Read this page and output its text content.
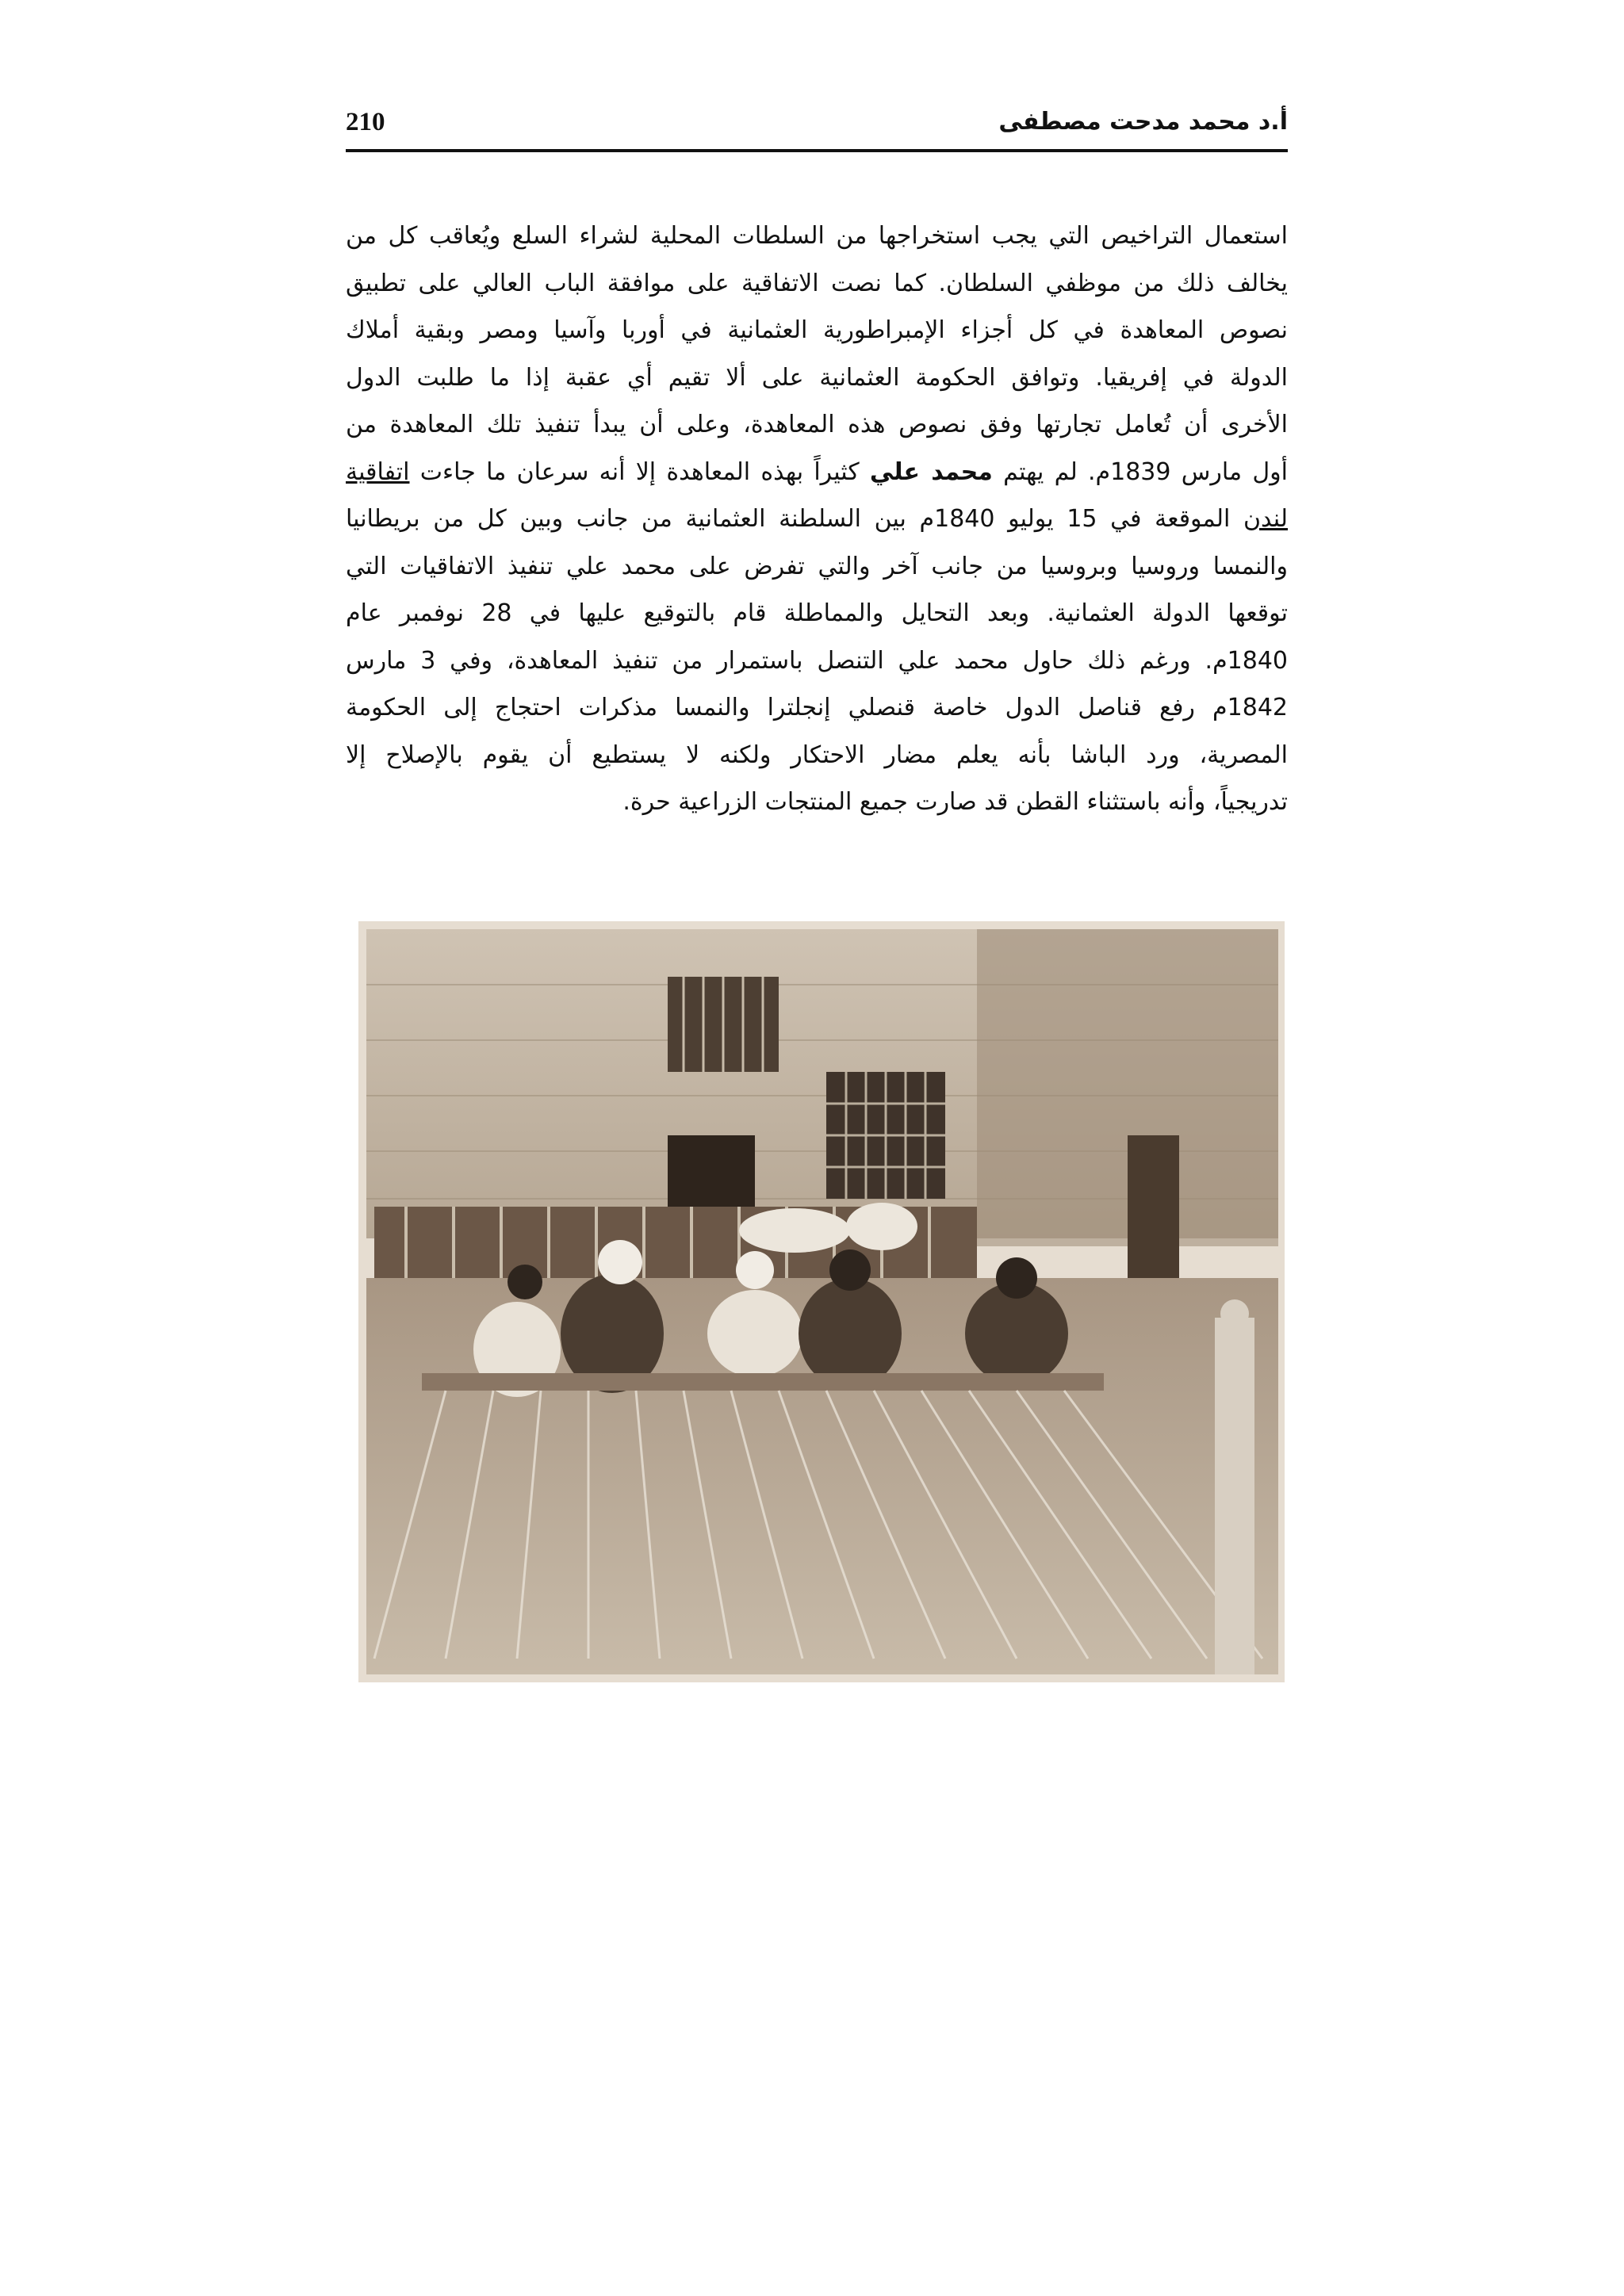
210	أ.د محمد مدحت مصطفى
استعمال التراخيص التي يجب استخراجها من السلطات المحلية لشراء السلع ويُعاقب كل من
يخالف ذلك من موظفي السلطان. كما نصت الاتفاقية على موافقة الباب العالي على تطبيق
نصوص المعاهدة في كل أجزاء الإمبراطورية العثمانية في أوربا وآسيا ومصر وبقية أملاك
الدولة في إفريقيا. وتوافق الحكومة العثمانية على ألا تقيم أي عقبة إذا ما طلبت الدول
الأخرى أن تُعامل تجارتها وفق نصوص هذه المعاهدة، وعلى أن يبدأ تنفيذ تلك المعاهدة من
أول مارس 1839م. لم يهتم محمد علي كثيراً بهذه المعاهدة إلا أنه سرعان ما جاءت اتفاقية
لندن الموقعة في 15 يوليو 1840م بين السلطنة العثمانية من جانب وبين كل من بريطانيا
والنمسا وروسيا وبروسيا من جانب آخر والتي تفرض على محمد علي تنفيذ الاتفاقيات التي
توقعها الدولة العثمانية. وبعد التحايل والمماطلة قام بالتوقيع عليها في 28 نوفمبر عام
1840م. ورغم ذلك حاول محمد علي التنصل باستمرار من تنفيذ المعاهدة، وفي 3 مارس
1842م رفع قناصل الدول خاصة قنصلي إنجلترا والنمسا مذكرات احتجاج إلى الحكومة
المصرية، ورد الباشا بأنه يعلم مضار الاحتكار ولكنه لا يستطيع أن يقوم بالإصلاح إلا
تدريجياً، وأنه باستثناء القطن قد صارت جميع المنتجات الزراعية حرة.
